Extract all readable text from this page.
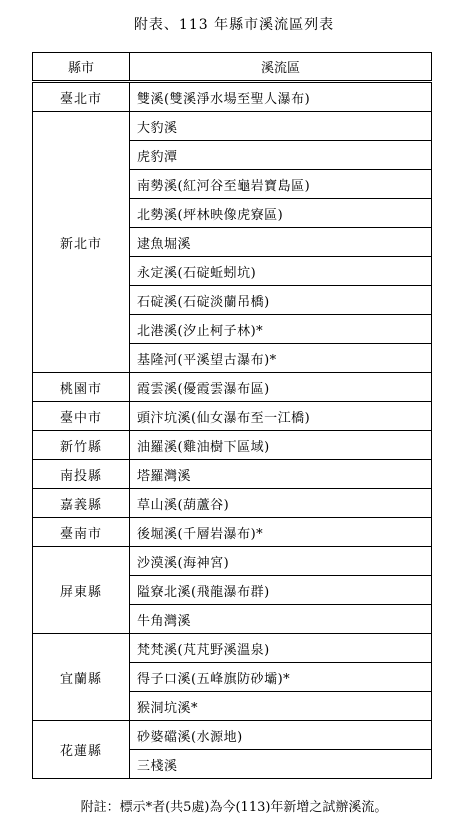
附表、113 年縣市溪流區列表
縣市	溪流區
臺北市	雙溪(雙溪淨水場至聖人瀑布)
新北市	大豹溪
	虎豹潭
	南勢溪(紅河谷至龜岩寶島區)
	北勢溪(坪林映像虎寮區)
	逮魚堀溪
	永定溪(石碇蚯蚓坑)
	石碇溪(石碇淡蘭吊橋)
	北港溪(汐止柯子林)*
	基隆河(平溪望古瀑布)*
桃園市	霞雲溪(優霞雲瀑布區)
臺中市	頭汴坑溪(仙女瀑布至一江橋)
新竹縣	油羅溪(雞油樹下區域)
南投縣	塔羅灣溪
嘉義縣	草山溪(葫蘆谷)
臺南市	後堀溪(千層岩瀑布)*
屏東縣	沙漠溪(海神宮)
	隘寮北溪(飛龍瀑布群)
	牛角灣溪
宜蘭縣	梵梵溪(芃芃野溪溫泉)
	得子口溪(五峰旗防砂壩)*
	猴洞坑溪*
花蓮縣	砂婆礑溪(水源地)
	三棧溪
附註：標示*者(共5處)為今(113)年新增之試辦溪流。
